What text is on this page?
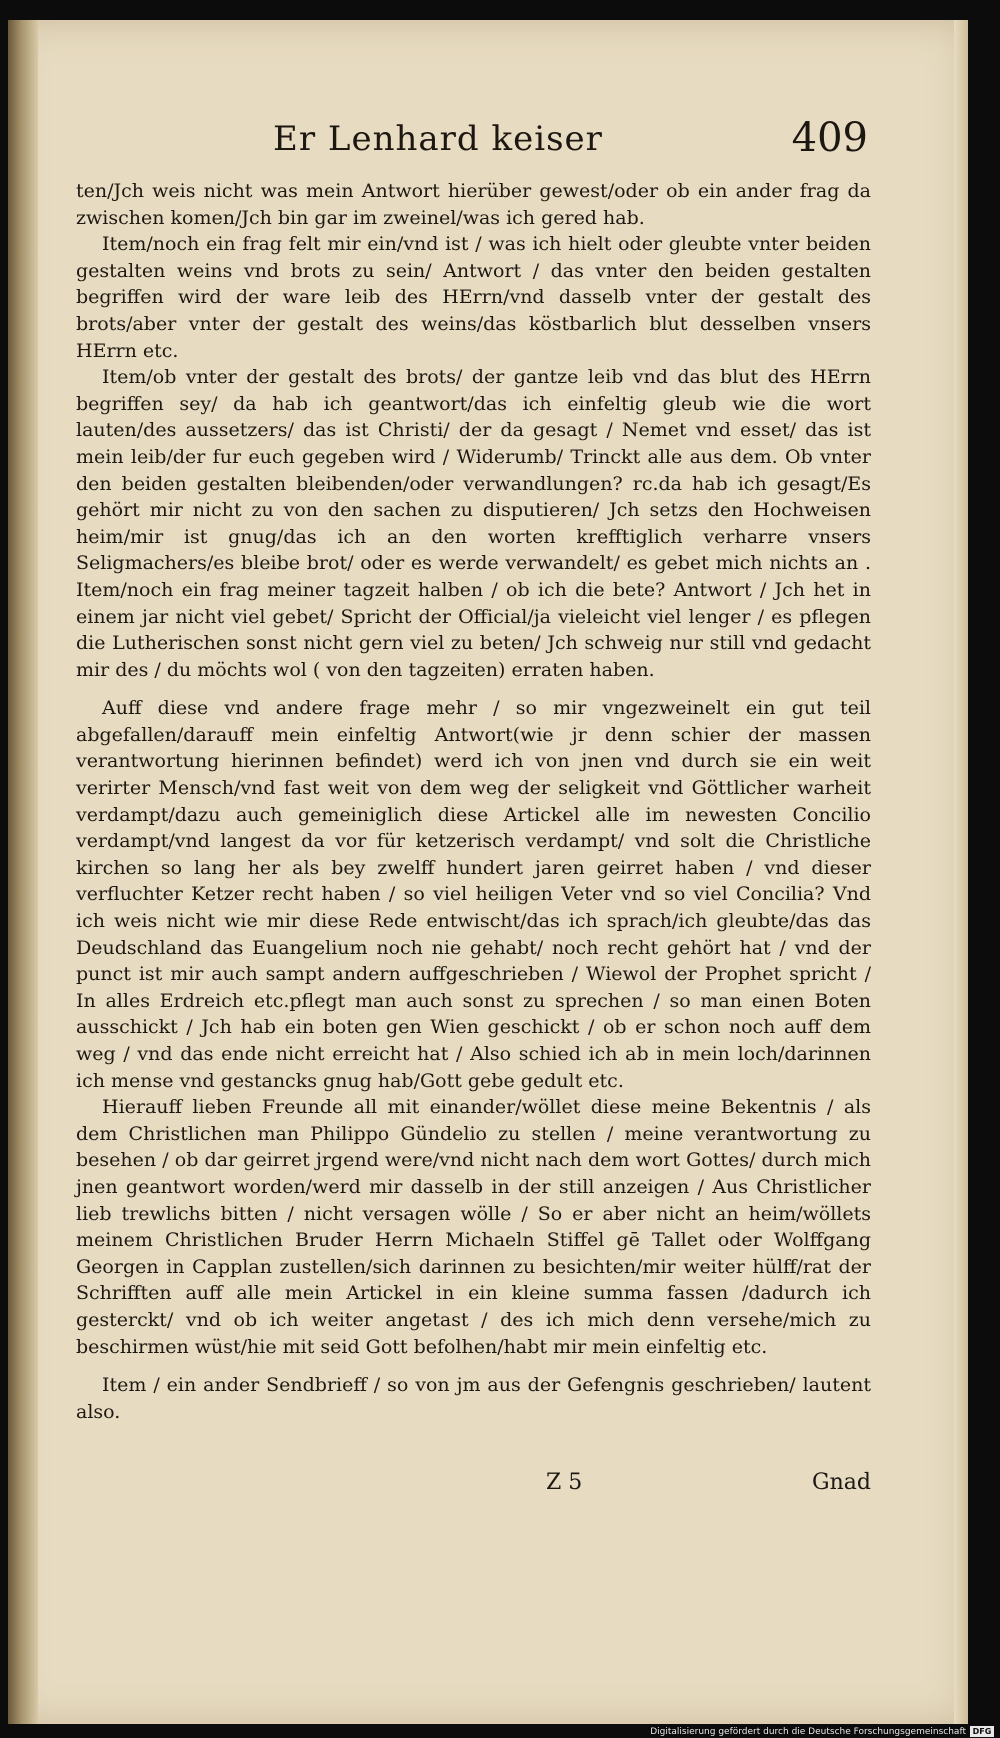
Er Lenhard keiser	409

ten/Jch weis nicht was mein Antwort hierüber gewest/oder ob ein ander frag da zwischen komen/Jch bin gar im zweinel/was ich gered hab.

Item/noch ein frag felt mir ein/vnd ist / was ich hielt oder gleubte vnter beiden gestalten weins vnd brots zu sein/ Antwort / das vnter den beiden gestalten begriffen wird der ware leib des HErrn/vnd dasselb vnter der gestalt des brots/aber vnter der gestalt des weins/das köstbarlich blut desselben vnsers HErrn etc.

Item/ob vnter der gestalt des brots/ der gantze leib vnd das blut des HErrn begriffen sey/ da hab ich geantwort/das ich einfeltig gleub wie die wort lauten/des aussetzers/ das ist Christi/ der da gesagt / Nemet vnd esset/ das ist mein leib/der fur euch gegeben wird / Widerumb/ Trinckt alle aus dem. Ob vnter den beiden gestalten bleibenden/oder verwandlungen? rc.da hab ich gesagt/Es gehört mir nicht zu von den sachen zu disputieren/ Jch setzs den Hochweisen heim/mir ist gnug/das ich an den worten krefftiglich verharre vnsers Seligmachers/es bleibe brot/ oder es werde verwandelt/ es gebet mich nichts an . Item/noch ein frag meiner tagzeit halben / ob ich die bete? Antwort / Jch het in einem jar nicht viel gebet/ Spricht der Official/ja vieleicht viel lenger / es pflegen die Lutherischen sonst nicht gern viel zu beten/ Jch schweig nur still vnd gedacht mir des / du möchts wol ( von den tagzeiten) erraten haben.

Auff diese vnd andere frage mehr / so mir vngezweinelt ein gut teil abgefallen/darauff mein einfeltig Antwort(wie jr denn schier der massen verantwortung hierinnen befindet) werd ich von jnen vnd durch sie ein weit verirter Mensch/vnd fast weit von dem weg der seligkeit vnd Göttlicher warheit verdampt/dazu auch gemeiniglich diese Artickel alle im newesten Concilio verdampt/vnd langest da vor für ketzerisch verdampt/ vnd solt die Christliche kirchen so lang her als bey zwelff hundert jaren geirret haben / vnd dieser verfluchter Ketzer recht haben / so viel heiligen Veter vnd so viel Concilia? Vnd ich weis nicht wie mir diese Rede entwischt/das ich sprach/ich gleubte/das das Deudschland das Euangelium noch nie gehabt/ noch recht gehört hat / vnd der punct ist mir auch sampt andern auffgeschrieben / Wiewol der Prophet spricht / In alles Erdreich etc.pflegt man auch sonst zu sprechen / so man einen Boten ausschickt / Jch hab ein boten gen Wien geschickt / ob er schon noch auff dem weg / vnd das ende nicht erreicht hat / Also schied ich ab in mein loch/darinnen ich mense vnd gestancks gnug hab/Gott gebe gedult etc.

Hierauff lieben Freunde all mit einander/wöllet diese meine Bekentnis / als dem Christlichen man Philippo Gündelio zu stellen / meine verantwortung zu besehen / ob dar geirret jrgend were/vnd nicht nach dem wort Gottes/ durch mich jnen geantwort worden/werd mir dasselb in der still anzeigen / Aus Christlicher lieb trewlichs bitten / nicht versagen wölle / So er aber nicht an heim/wöllets meinem Christlichen Bruder Herrn Michaeln Stiffel gē Tallet oder Wolffgang Georgen in Capplan zustellen/sich darinnen zu besichten/mir weiter hülff/rat der Schrifften auff alle mein Artickel in ein kleine summa fassen /dadurch ich gesterckt/ vnd ob ich weiter angetast / des ich mich denn versehe/mich zu beschirmen wüst/hie mit seid Gott befolhen/habt mir mein einfeltig etc.

Item / ein ander Sendbrieff / so von jm aus der Gefengnis geschrieben/ lautent also.

Z 5	Gnad
Digitalisierung gefördert durch die Deutsche Forschungsgemeinschaft DFG
